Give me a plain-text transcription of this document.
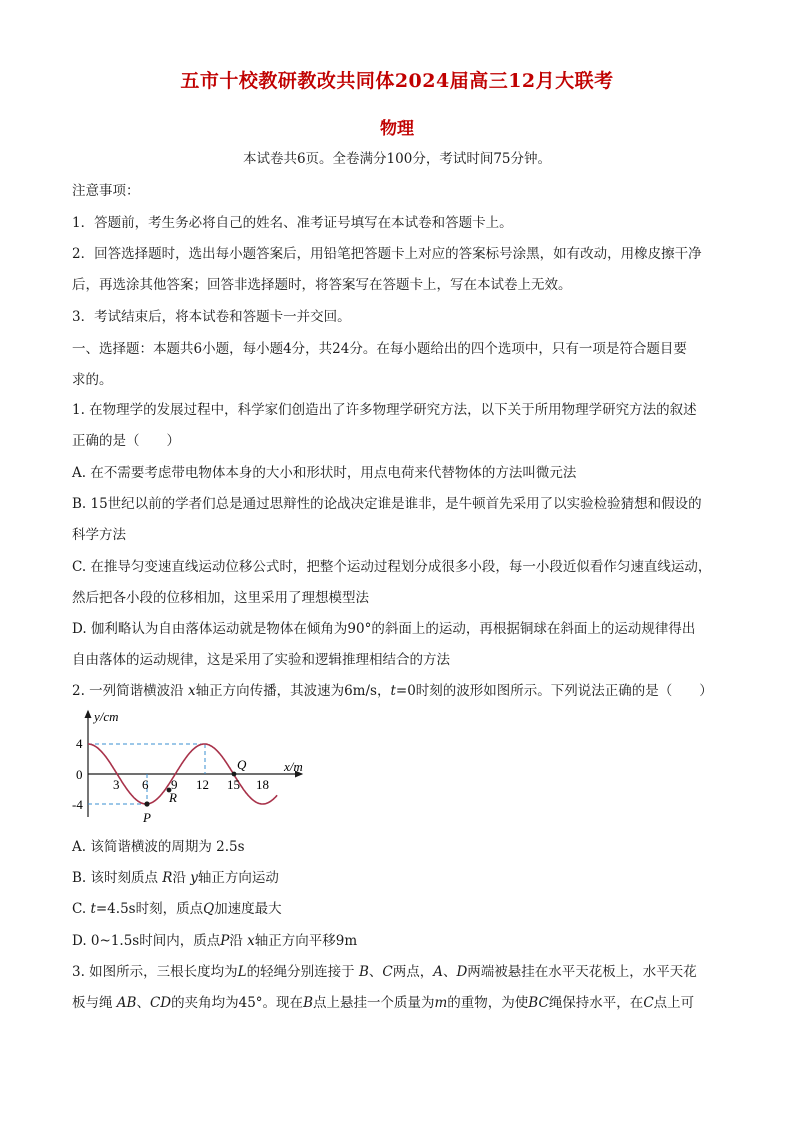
五市十校教研教改共同体2024届高三12月大联考
物理
本试卷共6页。全卷满分100分，考试时间75分钟。
注意事项：
1．答题前，考生务必将自己的姓名、准考证号填写在本试卷和答题卡上。
2．回答选择题时，选出每小题答案后，用铅笔把答题卡上对应的答案标号涂黑，如有改动，用橡皮擦干净
后，再选涂其他答案；回答非选择题时，将答案写在答题卡上，写在本试卷上无效。
3．考试结束后，将本试卷和答题卡一并交回。
一、选择题：本题共6小题，每小题4分，共24分。在每小题给出的四个选项中，只有一项是符合题目要
求的。
1. 在物理学的发展过程中，科学家们创造出了许多物理学研究方法，以下关于所用物理学研究方法的叙述
正确的是（　　）
A. 在不需要考虑带电物体本身的大小和形状时，用点电荷来代替物体的方法叫微元法
B. 15世纪以前的学者们总是通过思辩性的论战决定谁是谁非，是牛顿首先采用了以实验检验猜想和假设的
科学方法
C. 在推导匀变速直线运动位移公式时，把整个运动过程划分成很多小段，每一小段近似看作匀速直线运动，
然后把各小段的位移相加，这里采用了理想模型法
D. 伽利略认为自由落体运动就是物体在倾角为90°的斜面上的运动，再根据铜球在斜面上的运动规律得出
自由落体的运动规律，这是采用了实验和逻辑推理相结合的方法
2. 一列简谐横波沿 x轴正方向传播，其波速为6m/s，t=0时刻的波形如图所示。下列说法正确的是（　　）
y/cm
x/m
4
0
-4
3 6 9 12 15 18
P
R
Q
A. 该简谐横波的周期为 2.5s
B. 该时刻质点 R沿 y轴正方向运动
C. t=4.5s时刻，质点Q加速度最大
D. 0~1.5s时间内，质点P沿 x轴正方向平移9m
3. 如图所示，三根长度均为L的轻绳分别连接于 B、C两点，A、D两端被悬挂在水平天花板上，水平天花
板与绳 AB、CD的夹角均为45°。现在B点上悬挂一个质量为m的重物，为使BC绳保持水平，在C点上可
